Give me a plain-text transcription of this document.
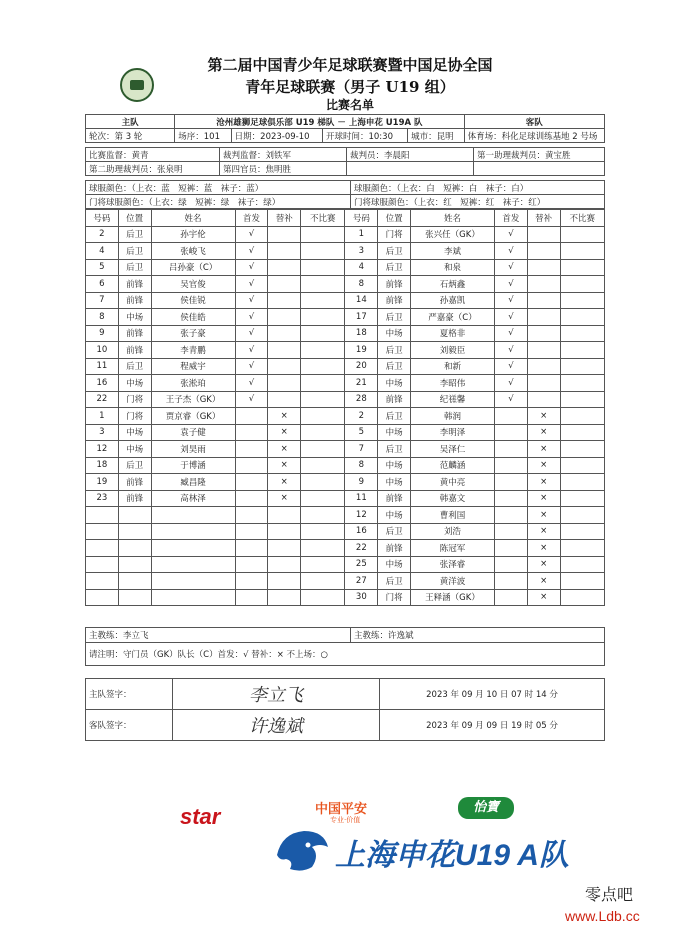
第二届中国青少年足球联赛暨中国足协全国
青年足球联赛（男子 U19 组）
比赛名单
主队	沧州雄狮足球俱乐部 U19 梯队 － 上海申花 U19A 队				客队
轮次：第 3 轮	场序：101	日期：2023-09-10	开球时间：10:30	城市：昆明	体育场：科化足球训练基地 2 号场
比赛监督：黄青	裁判监督：刘铁军	裁判员：李晨阳	第一助理裁判员：黄宝胜
第二助理裁判员：张泉明	第四官员：焦明胜		
球服颜色：（上衣：蓝　短裤：蓝　袜子：蓝）	球服颜色：（上衣：白　短裤：白　袜子：白）
门将球服颜色：（上衣：绿　短裤：绿　袜子：绿）	门将球服颜色：（上衣：红　短裤：红　袜子：红）
号码	位置	姓名	首发	替补	不比赛	号码	位置	姓名	首发	替补	不比赛
2	后卫	孙宇伦	√			1	门将	张兴任（GK）	√		
4	后卫	张峻飞	√			3	后卫	李斌	√		
5	后卫	吕孙豪（C）	√			4	后卫	和泉	√		
6	前锋	吴官俊	√			8	前锋	石炳鑫	√		
7	前锋	侯佳锐	√			14	前锋	孙嘉凯	√		
8	中场	侯佳皓	√			17	后卫	严嘉豪（C）	√		
9	前锋	张子豪	√			18	中场	夏格非	√		
10	前锋	李青鹏	√			19	后卫	刘毅臣	√		
11	后卫	程威宇	√			20	后卫	和新	√		
16	中场	张淞珀	√			21	中场	李昭伟	√		
22	门将	王子杰（GK）	√			28	前锋	纪禚馨	√		
1	门将	贾京睿（GK）		×		2	后卫	韩润		×	
3	中场	袁子健		×		5	中场	李明泽		×	
12	中场	刘昊雨		×		7	后卫	吴泽仁		×	
18	后卫	于博涵		×		8	中场	范麟涵		×	
19	前锋	臧昌隆		×		9	中场	黄中亮		×	
23	前锋	高林泽		×		11	前锋	韩嘉文		×	
						12	中场	曹利国		×	
						16	后卫	刘浩		×	
						22	前锋	陈冠军		×	
						25	中场	张泽睿		×	
						27	后卫	黄洋波		×	
						30	门将	王释涵（GK）		×	
主教练：李立飞	主教练：许逸斌
请注明：守门员（GK）队长（C）首发：√ 替补：× 不上场：○
主队签字：	李立飞	2023 年 09 月 10 日 07 时 14 分
客队签字：	许逸斌	2023 年 09 月 09 日 19 时 05 分
star	中国平安
专业·价值
怡寶
上海申花U19 A队
零点吧
www.Ldb.cc
